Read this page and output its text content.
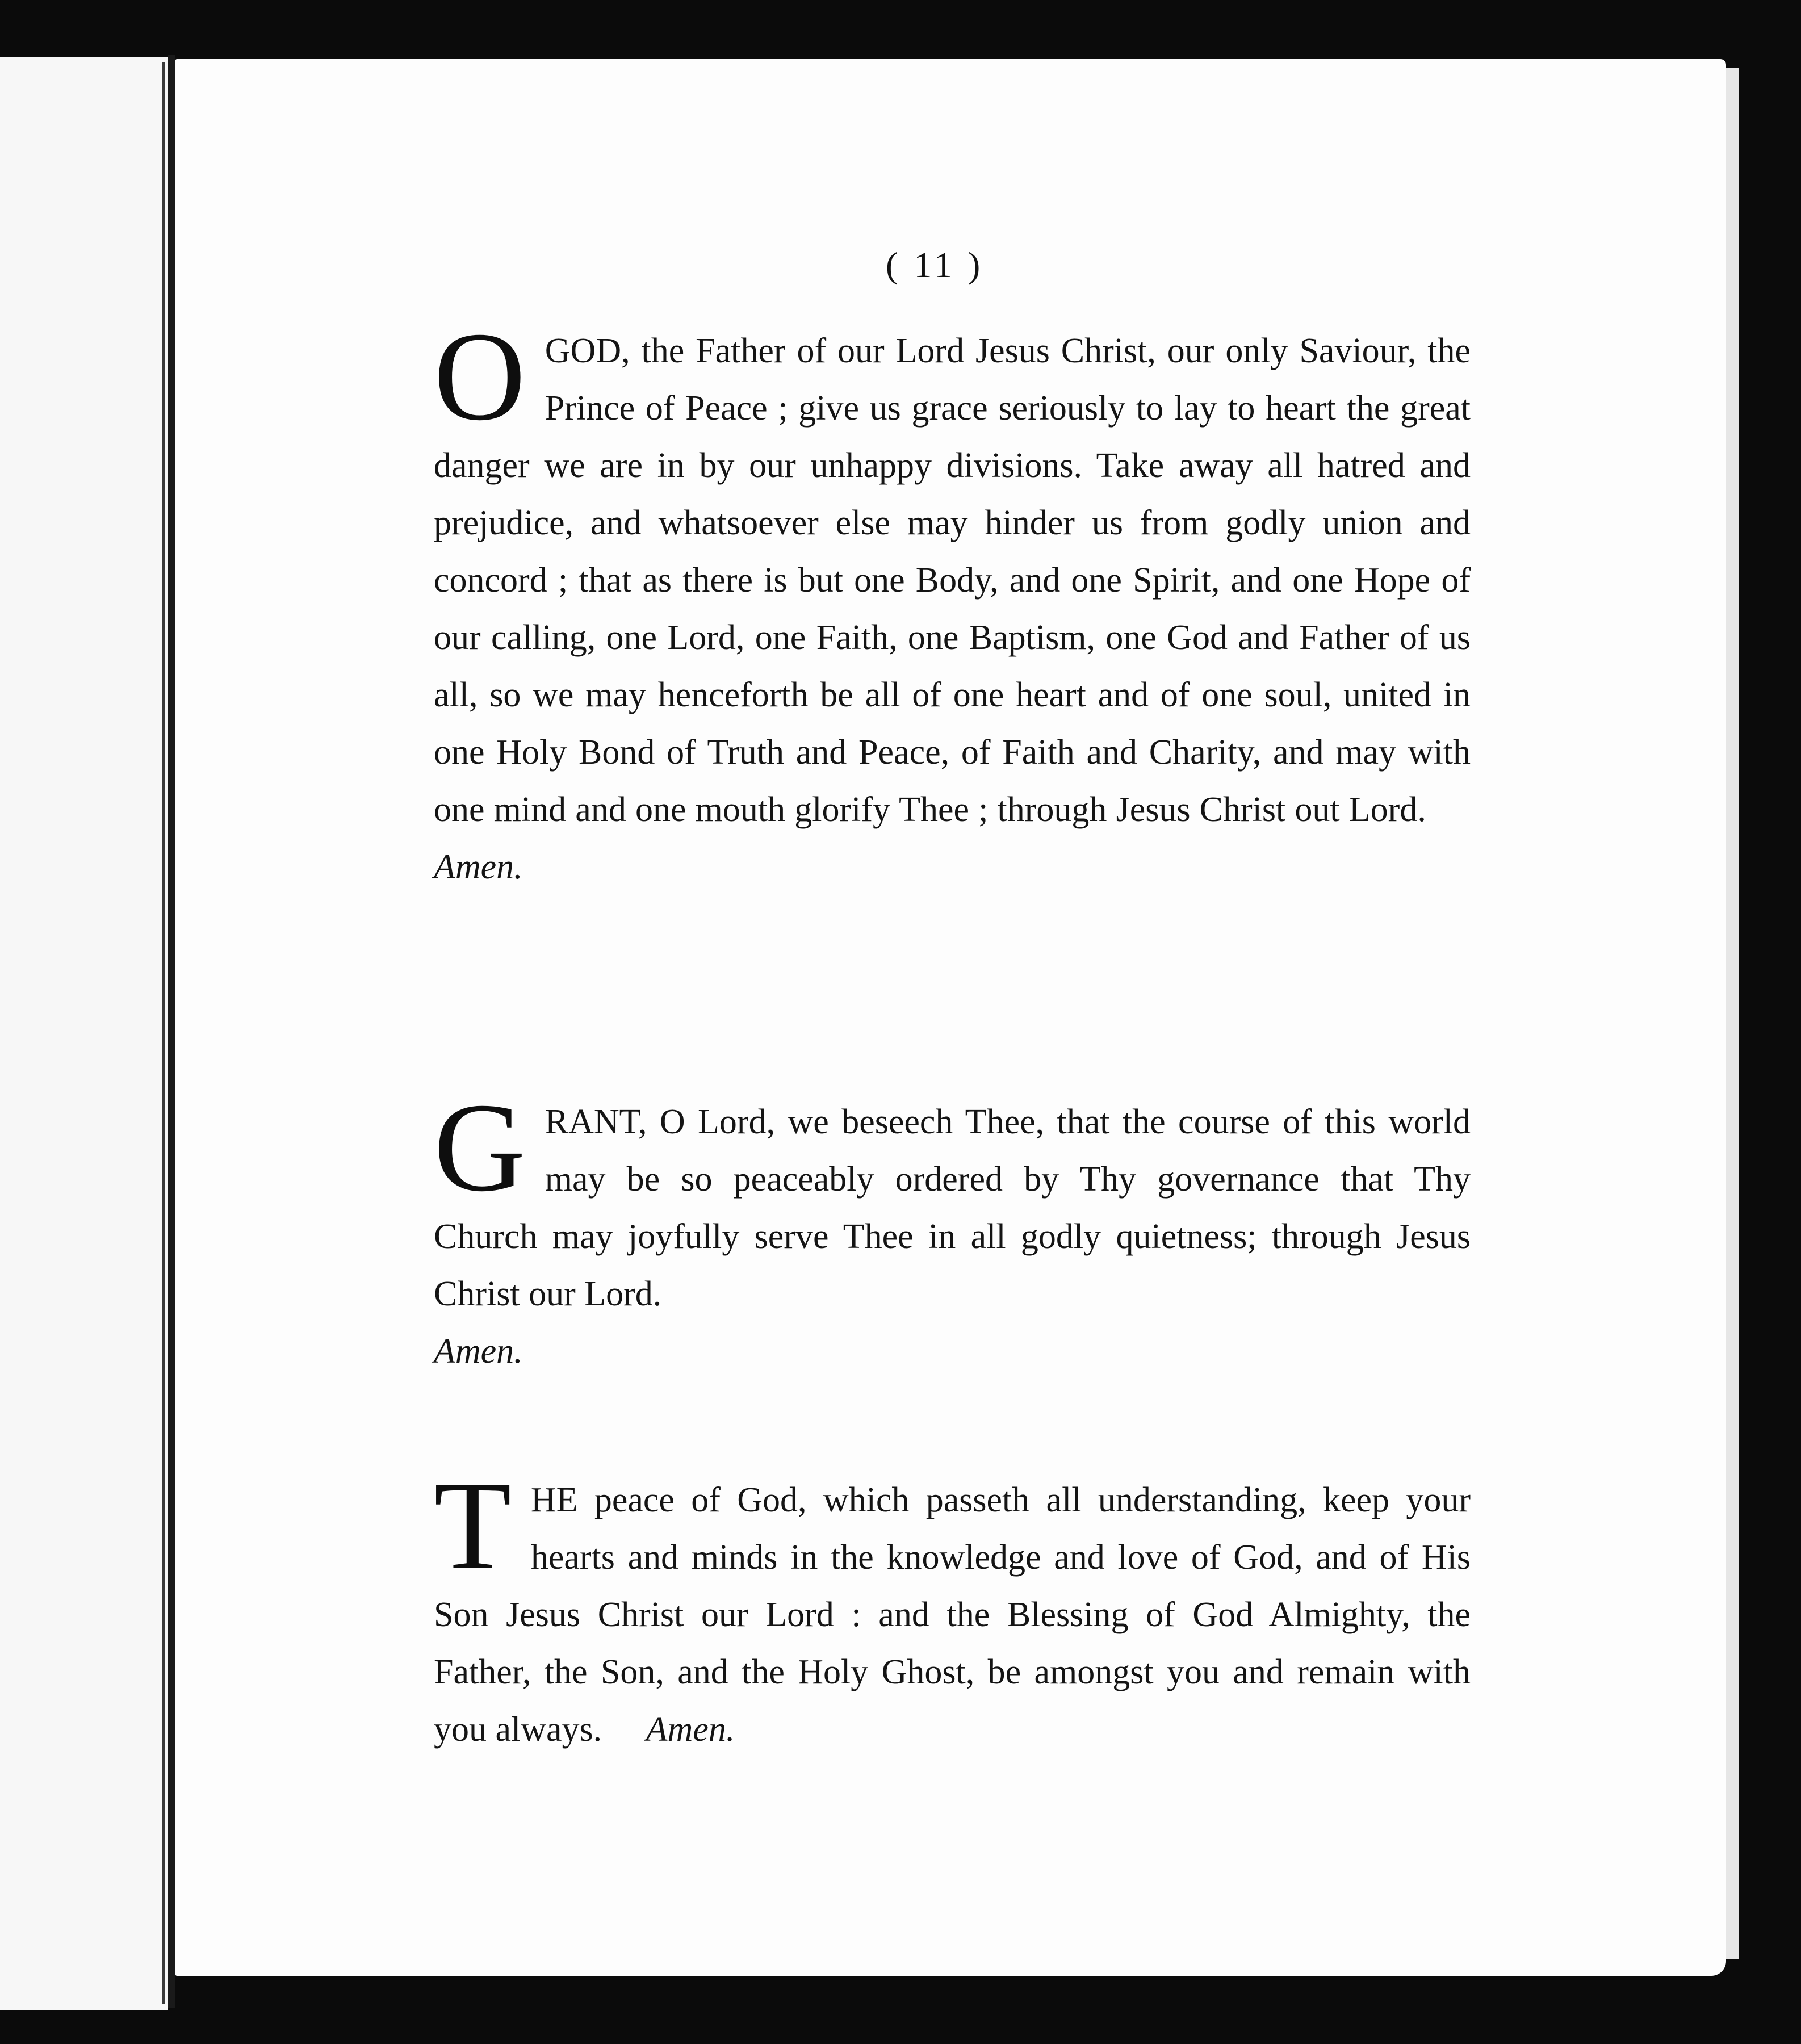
( 11 )
O GOD, the Father of our Lord Jesus Christ, our only Saviour, the Prince of Peace ; give us grace seriously to lay to heart the great danger we are in by our unhappy divisions. Take away all hatred and prejudice, and whatsoever else may hinder us from godly union and concord ; that as there is but one Body, and one Spirit, and one Hope of our calling, one Lord, one Faith, one Baptism, one God and Father of us all, so we may henceforth be all of one heart and of one soul, united in one Holy Bond of Truth and Peace, of Faith and Charity, and may with one mind and one mouth glorify Thee ; through Jesus Christ out Lord.  Amen.
G RANT, O Lord, we beseech Thee, that the course of this world may be so peaceably ordered by Thy governance that Thy Church may joyfully serve Thee in all godly quietness; through Jesus Christ our Lord.
Amen.
T HE peace of God, which passeth all understanding, keep your hearts and minds in the knowledge and love of God, and of His Son Jesus Christ our Lord : and the Blessing of God Almighty, the Father, the Son, and the Holy Ghost, be amongst you and remain with you always.   Amen.
